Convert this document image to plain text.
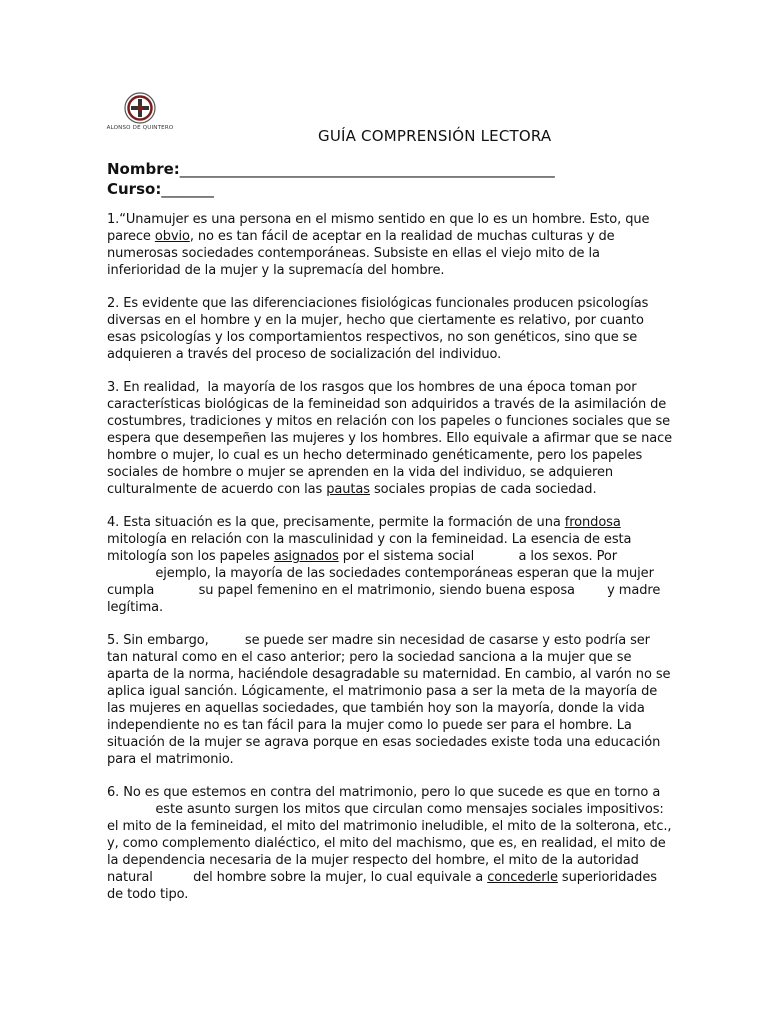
ALONSO DE QUINTERO	GUÍA COMPRENSIÓN LECTORA
Nombre:__________________________________________________
Curso:_______

1.“Unamujer es una persona en el mismo sentido en que lo es un hombre. Esto, que
parece obvio, no es tan fácil de aceptar en la realidad de muchas culturas y de
numerosas sociedades contemporáneas. Subsiste en ellas el viejo mito de la
inferioridad de la mujer y la supremacía del hombre.

2. Es evidente que las diferenciaciones fisiológicas funcionales producen psicologías
diversas en el hombre y en la mujer, hecho que ciertamente es relativo, por cuanto
esas psicologías y los comportamientos respectivos, no son genéticos, sino que se
adquieren a través del proceso de socialización del individuo.

3. En realidad,  la mayoría de los rasgos que los hombres de una época toman por
características biológicas de la femineidad son adquiridos a través de la asimilación de
costumbres, tradiciones y mitos en relación con los papeles o funciones sociales que se
espera que desempeñen las mujeres y los hombres. Ello equivale a afirmar que se nace
hombre o mujer, lo cual es un hecho determinado genéticamente, pero los papeles
sociales de hombre o mujer se aprenden en la vida del individuo, se adquieren
culturalmente de acuerdo con las pautas sociales propias de cada sociedad.

4. Esta situación es la que, precisamente, permite la formación de una frondosa
mitología en relación con la masculinidad y con la femineidad. La esencia de esta
mitología son los papeles asignados por el sistema social           a los sexos. Por
ejemplo, la mayoría de las sociedades contemporáneas esperan que la mujer
cumpla           su papel femenino en el matrimonio, siendo buena esposa        y madre
legítima.

5. Sin embargo,         se puede ser madre sin necesidad de casarse y esto podría ser
tan natural como en el caso anterior; pero la sociedad sanciona a la mujer que se
aparta de la norma, haciéndole desagradable su maternidad. En cambio, al varón no se
aplica igual sanción. Lógicamente, el matrimonio pasa a ser la meta de la mayoría de
las mujeres en aquellas sociedades, que también hoy son la mayoría, donde la vida
independiente no es tan fácil para la mujer como lo puede ser para el hombre. La
situación de la mujer se agrava porque en esas sociedades existe toda una educación
para el matrimonio.

6. No es que estemos en contra del matrimonio, pero lo que sucede es que en torno a
este asunto surgen los mitos que circulan como mensajes sociales impositivos:
el mito de la femineidad, el mito del matrimonio ineludible, el mito de la solterona, etc.,
y, como complemento dialéctico, el mito del machismo, que es, en realidad, el mito de
la dependencia necesaria de la mujer respecto del hombre, el mito de la autoridad
natural          del hombre sobre la mujer, lo cual equivale a concederle superioridades
de todo tipo.
